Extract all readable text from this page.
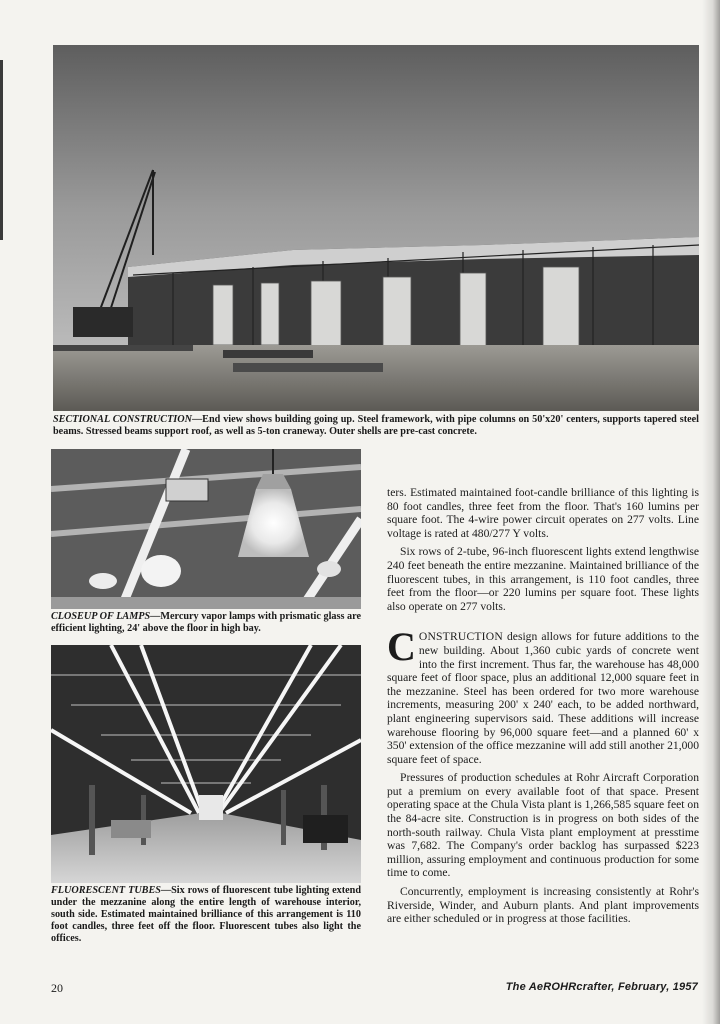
SECTIONAL CONSTRUCTION—End view shows building going up. Steel framework, with pipe columns on 50'x20' centers, supports tapered steel beams. Stressed beams support roof, as well as 5-ton craneway. Outer shells are pre-cast concrete.

CLOSEUP OF LAMPS—Mercury vapor lamps with prismatic glass are efficient lighting, 24' above the floor in high bay.

FLUORESCENT TUBES—Six rows of fluorescent tube lighting extend under the mezzanine along the entire length of warehouse interior, south side. Estimated maintained brilliance of this arrangement is 110 foot candles, three feet off the floor. Fluorescent tubes also light the offices.

ters. Estimated maintained foot-candle brilliance of this lighting is 80 foot candles, three feet from the floor. That's 160 lumins per square foot. The 4-wire power circuit operates on 277 volts. Line voltage is rated at 480/277 Y volts.

Six rows of 2-tube, 96-inch fluorescent lights extend lengthwise 240 feet beneath the entire mezzanine. Maintained brilliance of the fluorescent tubes, in this arrangement, is 110 foot candles, three feet from the floor—or 220 lumins per square foot. These lights also operate on 277 volts.

CONSTRUCTION design allows for future additions to the new building. About 1,360 cubic yards of concrete went into the first increment. Thus far, the warehouse has 48,000 square feet of floor space, plus an additional 12,000 square feet in the mezzanine. Steel has been ordered for two more warehouse increments, measuring 200' x 240' each, to be added northward, plant engineering supervisors said. These additions will increase warehouse flooring by 96,000 square feet—and a planned 60' x 350' extension of the office mezzanine will add still another 21,000 square feet of space.

Pressures of production schedules at Rohr Aircraft Corporation put a premium on every available foot of that space. Present operating space at the Chula Vista plant is 1,266,585 square feet on the 84-acre site. Construction is in progress on both sides of the north-south railway. Chula Vista plant employment at presstime was 7,682. The Company's order backlog has surpassed $223 million, assuring employment and continuous production for some time to come.

Concurrently, employment is increasing consistently at Rohr's Riverside, Winder, and Auburn plants. And plant improvements are either scheduled or in progress at those facilities.

20	The AeROHRcrafter, February, 1957
